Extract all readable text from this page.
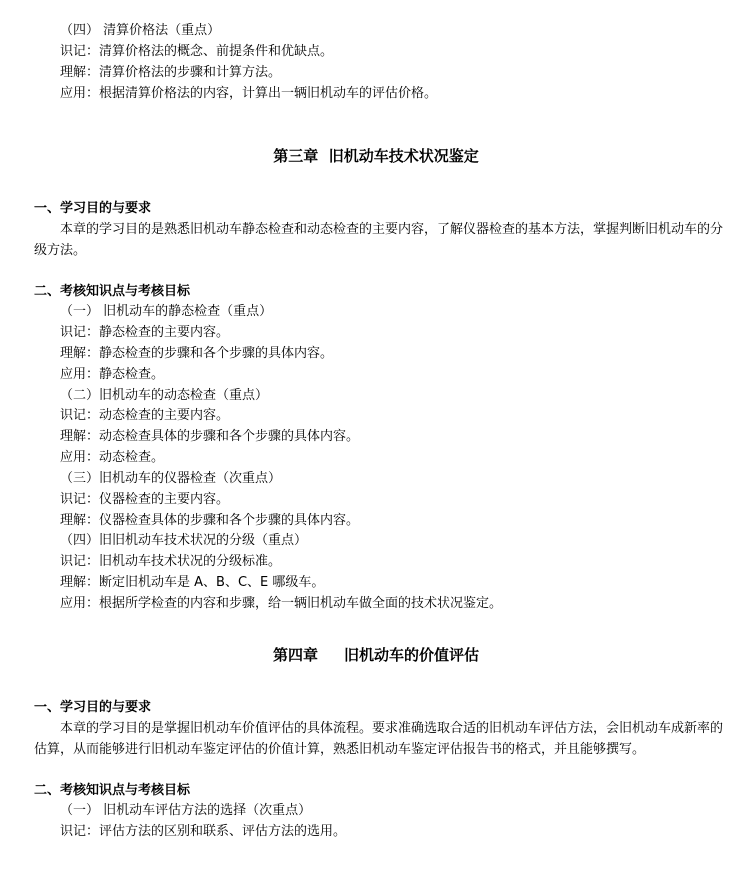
（四） 清算价格法（重点）
识记：清算价格法的概念、前提条件和优缺点。
理解：清算价格法的步骤和计算方法。
应用：根据清算价格法的内容，计算出一辆旧机动车的评估价格。
第三章  旧机动车技术状况鉴定
一、学习目的与要求
本章的学习目的是熟悉旧机动车静态检查和动态检查的主要内容，了解仪器检查的基本方法，掌握判断旧机动车的分级方法。
二、考核知识点与考核目标
（一） 旧机动车的静态检查（重点）
识记：静态检查的主要内容。
理解：静态检查的步骤和各个步骤的具体内容。
应用：静态检查。
（二）旧机动车的动态检查（重点）
识记：动态检查的主要内容。
理解：动态检查具体的步骤和各个步骤的具体内容。
应用：动态检查。
（三）旧机动车的仪器检查（次重点）
识记：仪器检查的主要内容。
理解：仪器检查具体的步骤和各个步骤的具体内容。
（四）旧旧机动车技术状况的分级（重点）
识记：旧机动车技术状况的分级标准。
理解：断定旧机动车是 A、B、C、E 哪级车。
应用：根据所学检查的内容和步骤，给一辆旧机动车做全面的技术状况鉴定。
第四章     旧机动车的价值评估
一、学习目的与要求
本章的学习目的是掌握旧机动车价值评估的具体流程。要求准确选取合适的旧机动车评估方法，会旧机动车成新率的估算，从而能够进行旧机动车鉴定评估的价值计算，熟悉旧机动车鉴定评估报告书的格式，并且能够撰写。
二、考核知识点与考核目标
（一） 旧机动车评估方法的选择（次重点）
识记：评估方法的区别和联系、评估方法的选用。
